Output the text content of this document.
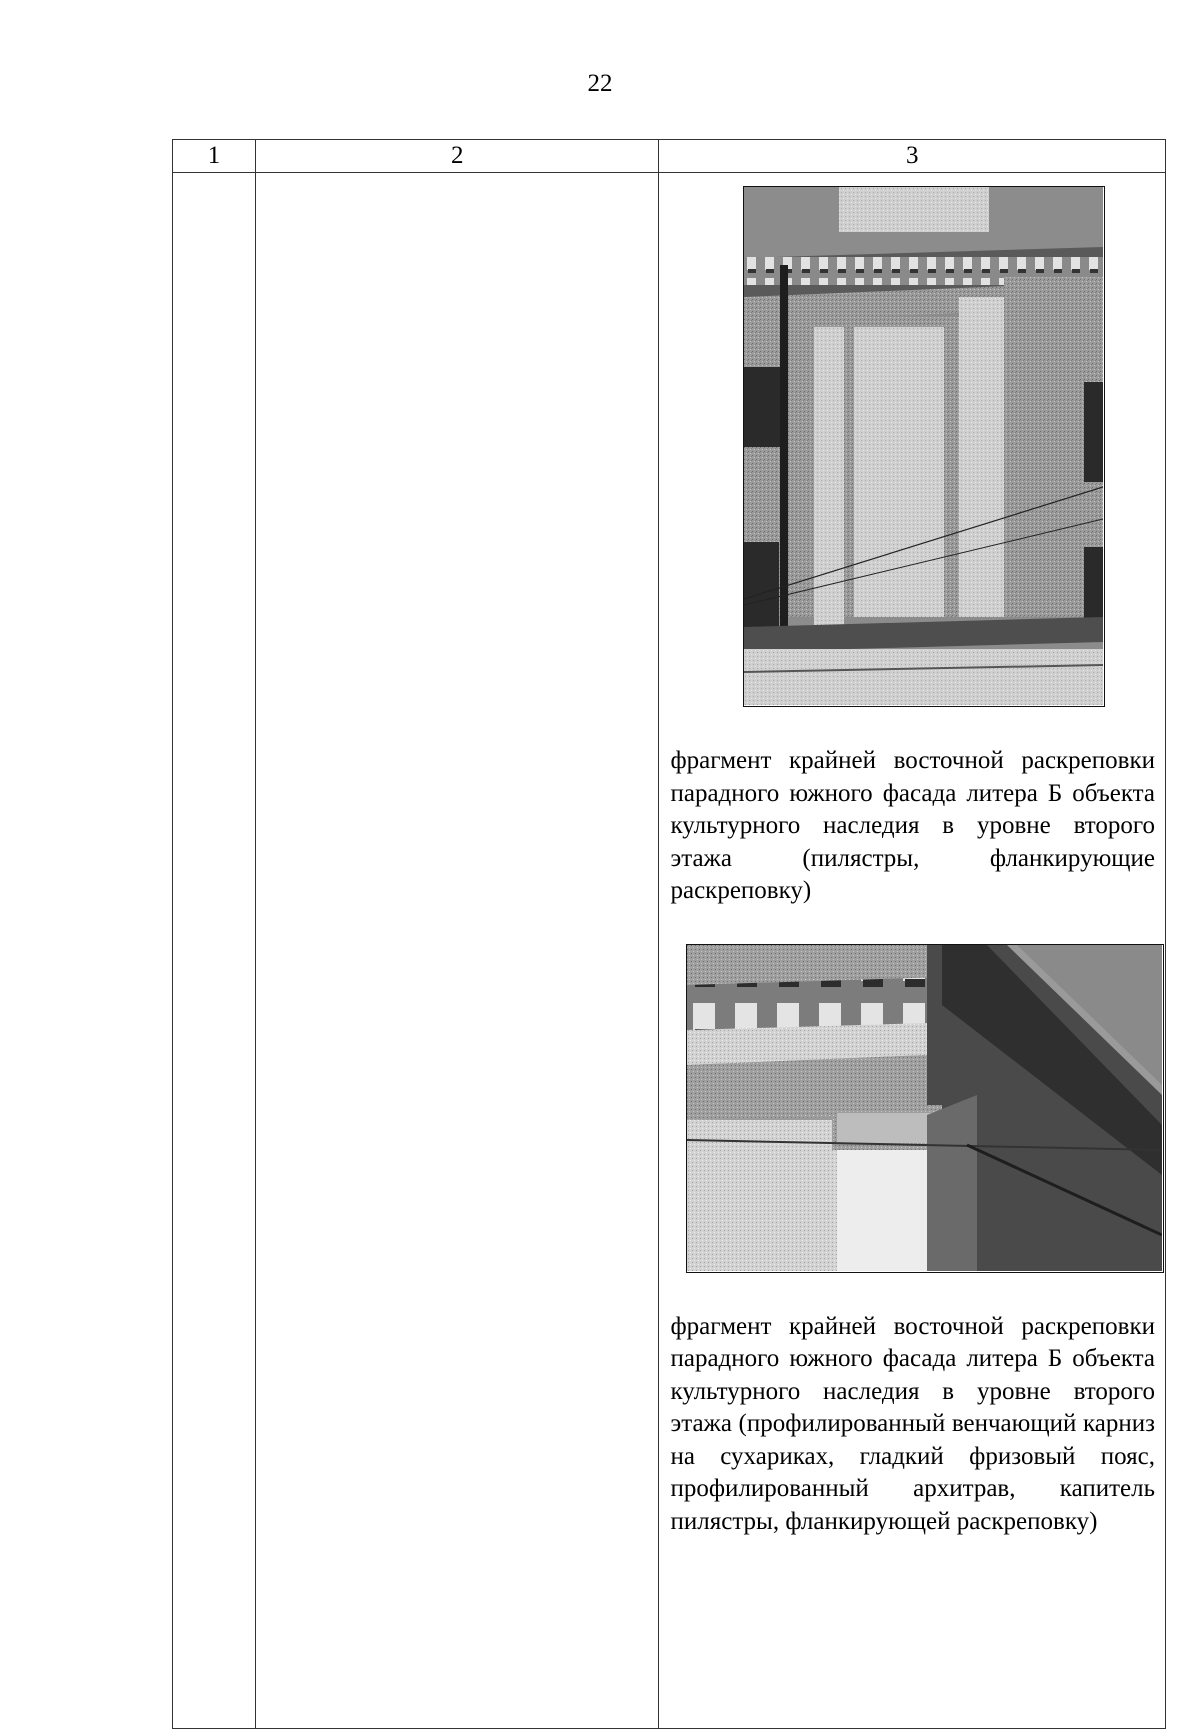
22
1	2	3

		фрагмент крайней восточной раскреповки парадного южного фасада литера Б объекта культурного наследия в уровне второго этажа (пилястры, фланкирующие раскреповку)

фрагмент крайней восточной раскреповки парадного южного фасада литера Б объекта культурного наследия в уровне второго этажа (профилированный венчающий карниз на сухариках, гладкий фризовый пояс, профилированный архитрав, капитель пилястры, фланкирующей раскреповку)
